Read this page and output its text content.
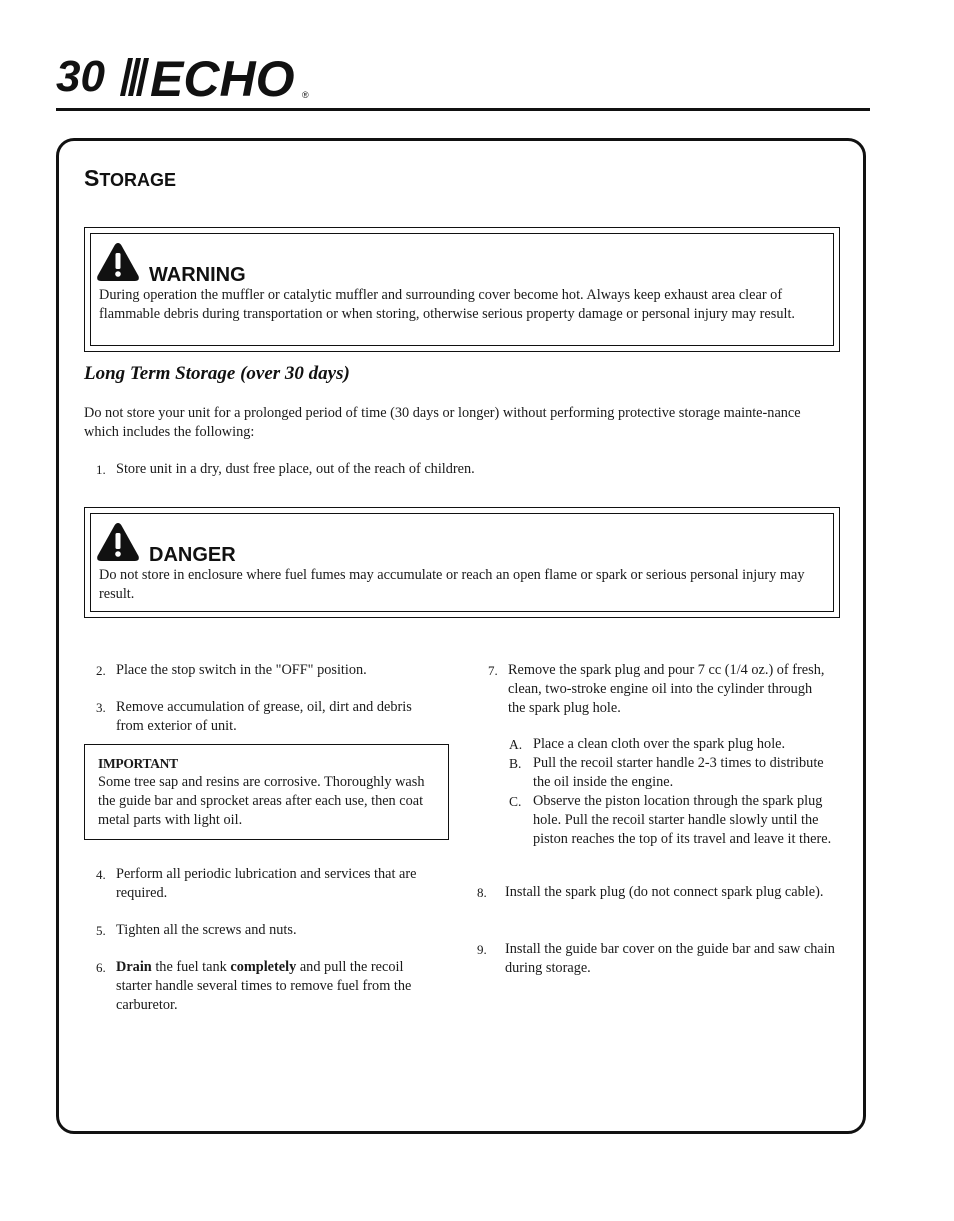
30 ECHO ®
STORAGE
WARNING
During operation the muffler or catalytic muffler and surrounding cover become hot. Always keep exhaust area clear of flammable debris during transportation or when storing, otherwise serious property damage or personal injury may result.
Long Term Storage (over 30 days)
Do not store your unit for a prolonged period of time (30 days or longer) without performing protective storage mainte-nance which includes the following:
1. Store unit in a dry, dust free place, out of the reach of children.
DANGER
Do not store in enclosure where fuel fumes may accumulate or reach an open flame or spark or serious personal injury may result.
2. Place the stop switch in the "OFF" position.
3. Remove accumulation of grease, oil, dirt and debris from exterior of unit.
IMPORTANT
Some tree sap and resins are corrosive. Thoroughly wash the guide bar and sprocket areas after each use, then coat metal parts with light oil.
4. Perform all periodic lubrication and services that are required.
5. Tighten all the screws and nuts.
6. Drain the fuel tank completely and pull the recoil starter handle several times to remove fuel from the carburetor.
7. Remove the spark plug and pour 7 cc (1/4 oz.) of fresh, clean, two-stroke engine oil into the cylinder through the spark plug hole.
A. Place a clean cloth over the spark plug hole.
B. Pull the recoil starter handle 2-3 times to distribute the oil inside the engine.
C. Observe the piston location through the spark plug hole. Pull the recoil starter handle slowly until the piston reaches the top of its travel and leave it there.
8. Install the spark plug (do not connect spark plug cable).
9. Install the guide bar cover on the guide bar and saw chain during storage.
